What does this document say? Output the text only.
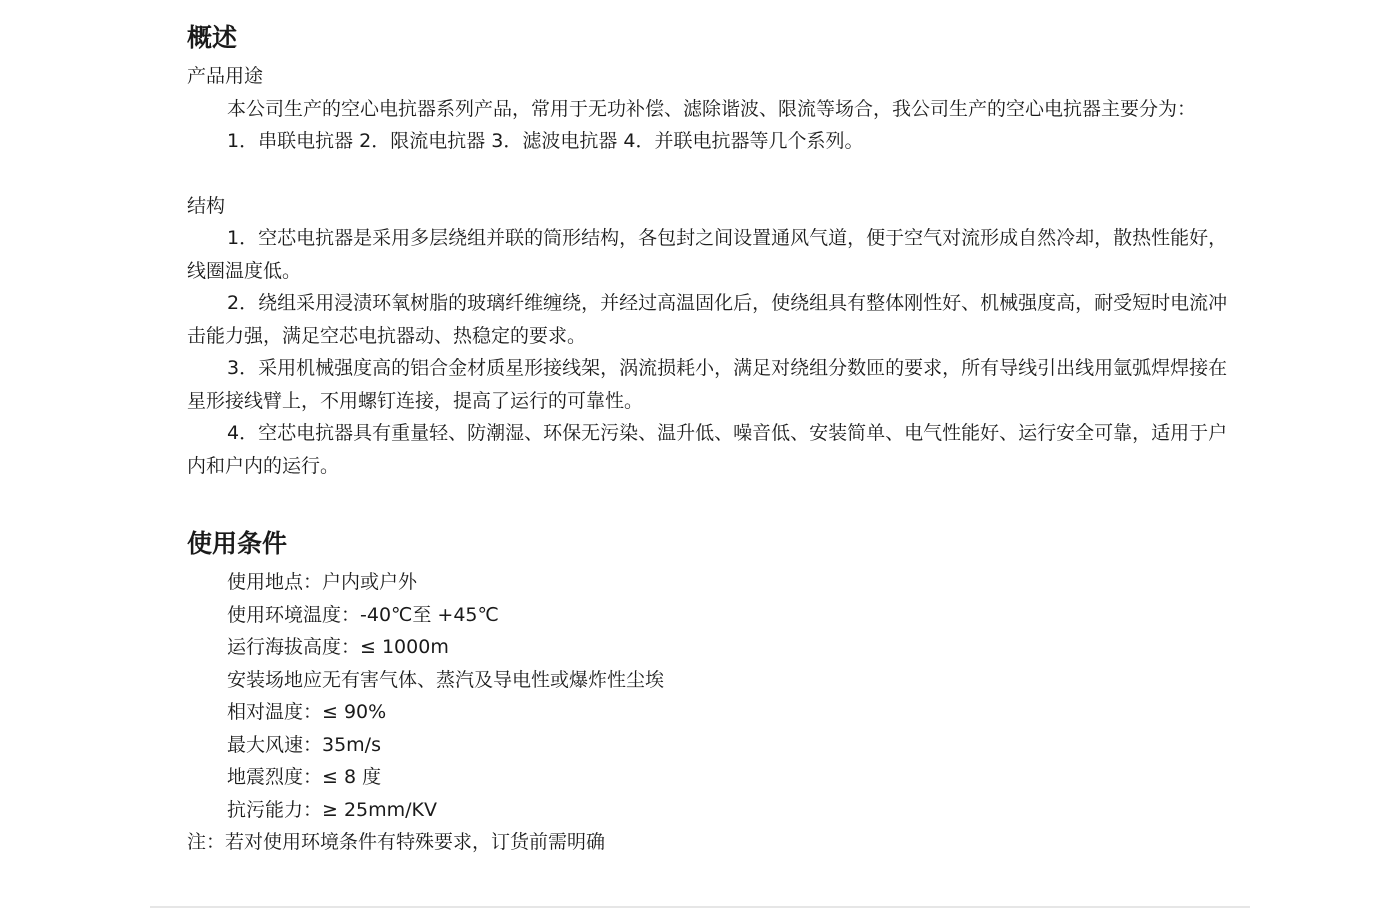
概述

产品用途

本公司生产的空心电抗器系列产品，常用于无功补偿、滤除谐波、限流等场合，我公司生产的空心电抗器主要分为：

1．串联电抗器 2．限流电抗器 3．滤波电抗器 4．并联电抗器等几个系列。

结构

1．空芯电抗器是采用多层绕组并联的筒形结构，各包封之间设置通风气道，便于空气对流形成自然冷却，散热性能好，线圈温度低。

2．绕组采用浸渍环氧树脂的玻璃纤维缠绕，并经过高温固化后，使绕组具有整体刚性好、机械强度高，耐受短时电流冲击能力强，满足空芯电抗器动、热稳定的要求。

3．采用机械强度高的铝合金材质星形接线架，涡流损耗小，满足对绕组分数匝的要求，所有导线引出线用氩弧焊焊接在星形接线臂上，不用螺钉连接，提高了运行的可靠性。

4．空芯电抗器具有重量轻、防潮湿、环保无污染、温升低、噪音低、安装简单、电气性能好、运行安全可靠，适用于户内和户内的运行。

使用条件

使用地点：户内或户外

使用环境温度：-40℃至 +45℃

运行海拔高度：≤ 1000m

安装场地应无有害气体、蒸汽及导电性或爆炸性尘埃

相对温度：≤ 90%

最大风速：35m/s

地震烈度：≤ 8 度

抗污能力：≥ 25mm/KV

注：若对使用环境条件有特殊要求，订货前需明确
